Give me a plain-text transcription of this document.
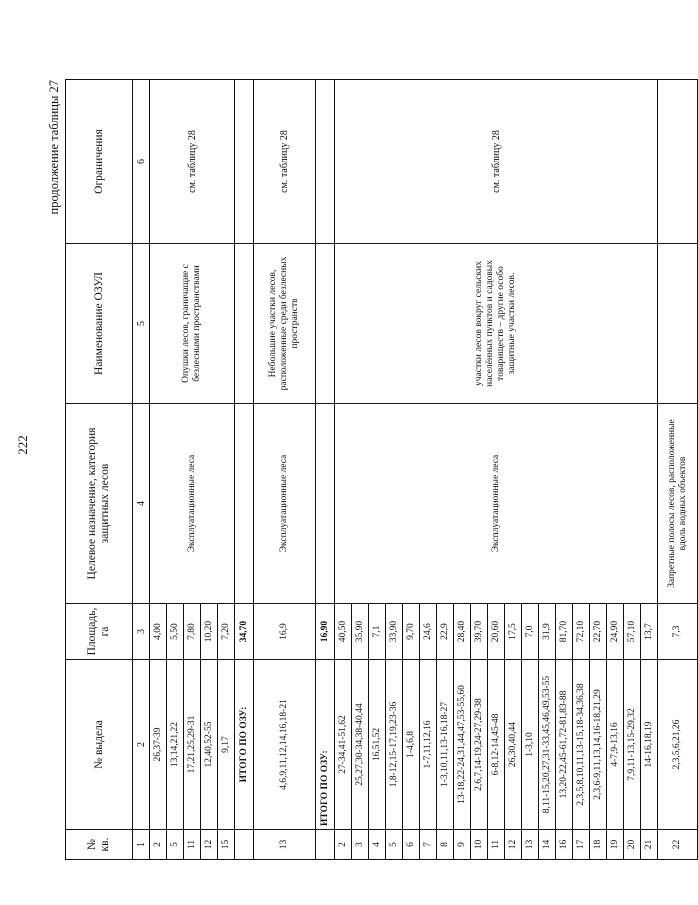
222
продолжение таблицы 27
№ кв.	№ выдела	Площадь, га	Целевое назначение, категория защитных лесов	Наименование ОЗУЛ	Ограничения
1	2	3	4	5	6
2	26,37-39	4,00	Эксплуатационные леса	Опушки лесов, граничащие с безлесными пространствами	см. таблицу 28
5	13,14,21,22	5,50			
11	17,21,25,29-31	7,80			
12	12,40,52-55	10,20			
15	9,17	7,20			
	ИТОГО ПО ОЗУ:	34,70			
13	4,6,9,11,12,14,16,18-21	16,9	Эксплуатационные леса	Небольшие участки лесов, расположенные среди безлесных пространств	см. таблицу 28
	ИТОГО ПО ОЗУ:	16,90			
2	27-34,41-51,62	40,50	Эксплуатационные леса	участки лесов вокруг сельских населённых пунктов и садовых товариществ – другие особо защитные участки лесов.	см. таблицу 28
3	25,27,30-34,38-40,44	35,90			
4	16,51,52	7,1			
5	1,8-12,15-17,19,23-36	33,90			
6	1-4,6,8	9,70			
7	1-7,11,12,16	24,6			
8	1-3,10,11,13-16,18-27	22,9			
9	13-18,22-24,31,44,47,53-55,60	28,40			
10	2,6,7,14-19,24-27,29-38	39,70			
11	6-8,12-14,45-48	20,60			
12	26,30,40,44	17,5			
13	1-3,10	7,0			
14	8,11-15,20,27,31-33,45,46,49,53-55	31,9			
16	13,20-22,45-61,72-81,83-88	81,70			
17	2,3,5,8,10,11,13-15,18-34,36,38	72,10			
18	2,3,6-9,11,13,14,16-18,21,29	22,70			
19	4-7,9-13,16	24,90			
20	7,9,11-13,15-29,32	57,10			
21	14-16,18,19	13,7			
22	2,3,5,6,21,26	7,3	Запретные полосы лесов, расположенные вдоль водных объектов		
